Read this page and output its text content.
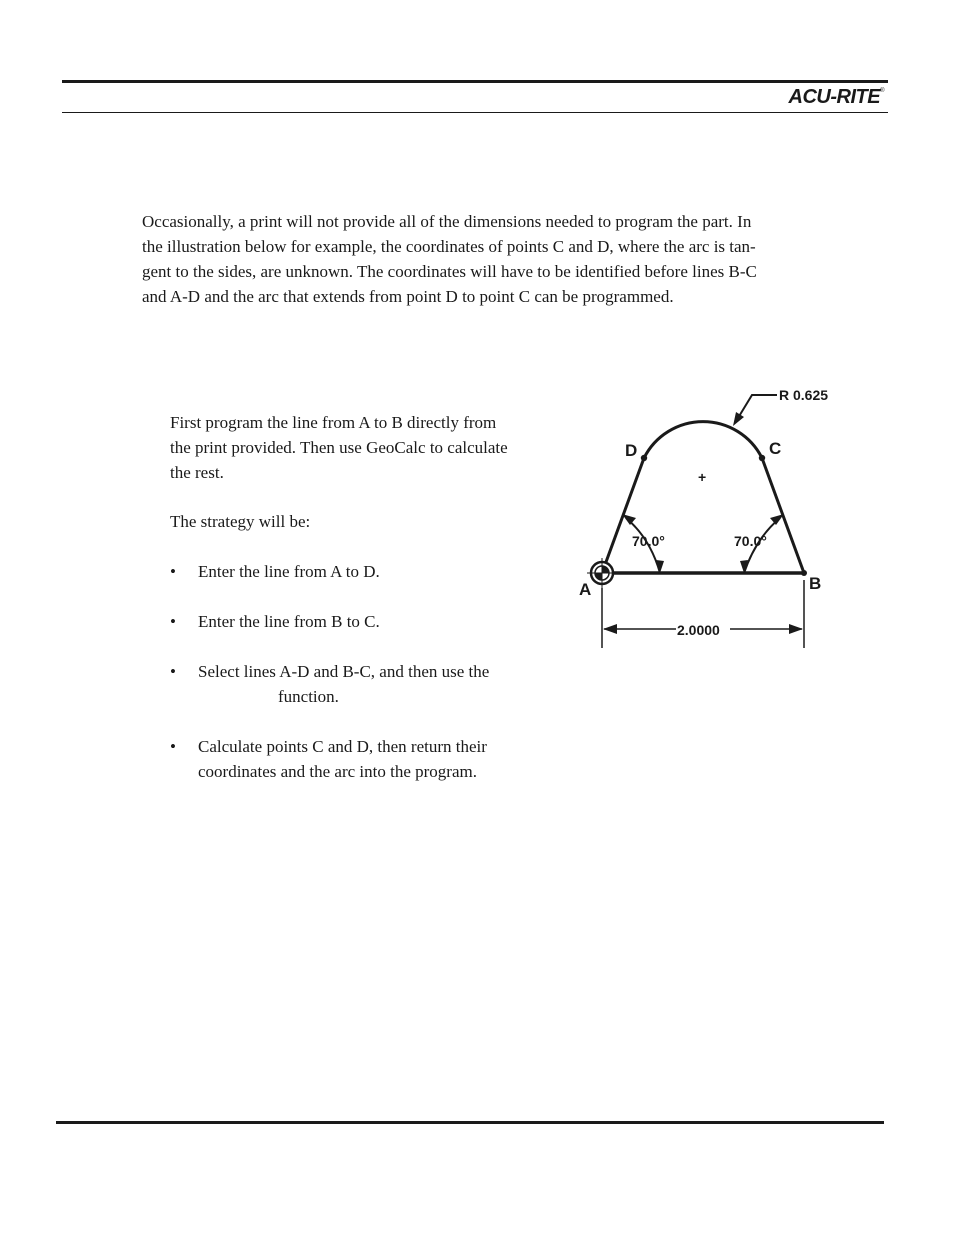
ACU-RITE®

Occasionally, a print will not provide all of the dimensions needed to program the part. In
the illustration below for example, the coordinates of points C and D, where the arc is tan-
gent to the sides, are unknown. The coordinates will have to be identified before lines B-C
and A-D and the arc that extends from point D to point C can be programmed.

First program the line from A to B directly from
the print provided. Then use GeoCalc to calculate
the rest.

The strategy will be:

• Enter the line from A to D.
• Enter the line from B to C.
• Select lines A-D and B-C, and then use the
function.
• Calculate points C and D, then return their
coordinates and the arc into the program.
R 0.625
D	C
A	B
+
70.0°	70.0°
2.0000
